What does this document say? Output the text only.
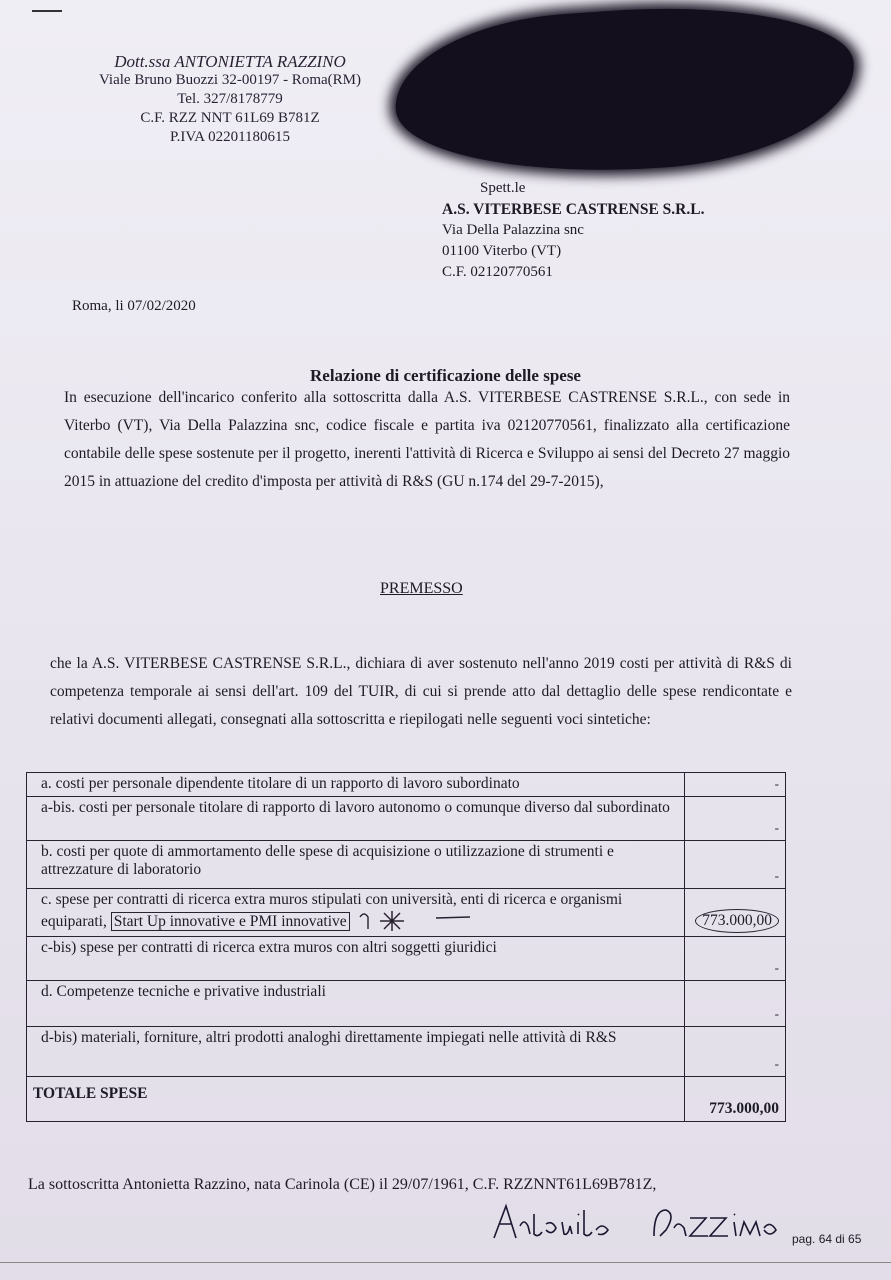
Dott.ssa ANTONIETTA RAZZINO
Viale Bruno Buozzi 32-00197 - Roma(RM)
Tel. 327/8178779
C.F. RZZ NNT 61L69 B781Z
P.IVA 02201180615
Spett.le
A.S. VITERBESE CASTRENSE S.R.L.
Via Della Palazzina snc
01100 Viterbo (VT)
C.F. 02120770561
Roma, li 07/02/2020
Relazione di certificazione delle spese
In esecuzione dell'incarico conferito alla sottoscritta dalla A.S. VITERBESE CASTRENSE S.R.L., con sede in Viterbo (VT), Via Della Palazzina snc, codice fiscale e partita iva 02120770561, finalizzato alla certificazione contabile delle spese sostenute per il progetto, inerenti l'attività di Ricerca e Sviluppo ai sensi del Decreto 27 maggio 2015 in attuazione del credito d'imposta per attività di R&S (GU n.174 del 29-7-2015),
PREMESSO
che la A.S. VITERBESE CASTRENSE S.R.L., dichiara di aver sostenuto nell'anno 2019 costi per attività di R&S di competenza temporale ai sensi dell'art. 109 del TUIR, di cui si prende atto dal dettaglio delle spese rendicontate e relativi documenti allegati, consegnati alla sottoscritta e riepilogati nelle seguenti voci sintetiche:
a. costi per personale dipendente titolare di un rapporto di lavoro subordinato	-
a-bis. costi per personale titolare di rapporto di lavoro autonomo o comunque diverso dal subordinato	-
b. costi per quote di ammortamento delle spese di acquisizione o utilizzazione di strumenti e attrezzature di laboratorio	-
c. spese per contratti di ricerca extra muros stipulati con università, enti di ricerca e organismi equiparati, Start Up innovative e PMI innovative	773.000,00
c-bis) spese per contratti di ricerca extra muros con altri soggetti giuridici	-
d. Competenze tecniche e privative industriali	-
d-bis) materiali, forniture, altri prodotti analoghi direttamente impiegati nelle attività di R&S	-
TOTALE SPESE	773.000,00
La sottoscritta Antonietta Razzino, nata Carinola (CE) il 29/07/1961, C.F. RZZNNT61L69B781Z,
pag. 64 di 65
